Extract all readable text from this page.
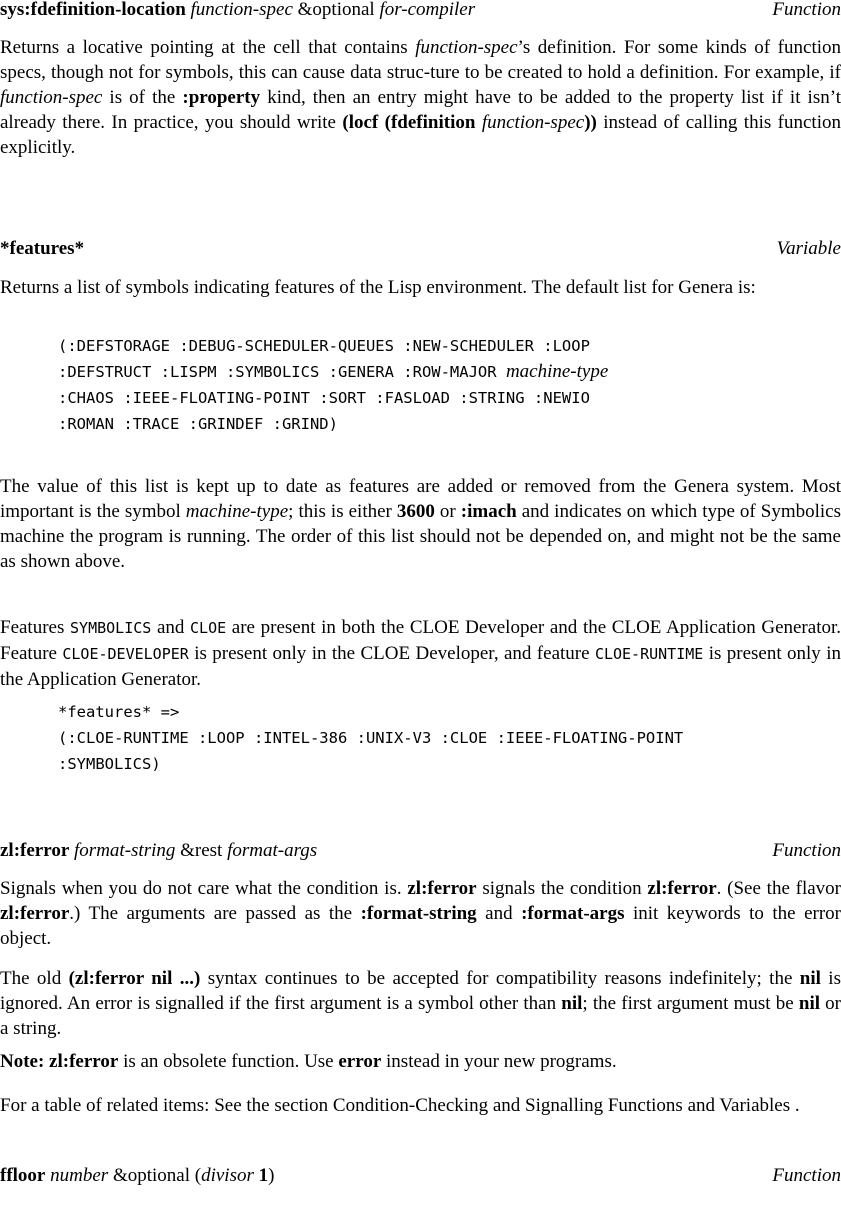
sys:fdefinition-location function-spec &optional for-compiler	Function

Returns a locative pointing at the cell that contains function-spec’s definition. For some kinds of function specs, though not for symbols, this can cause data struc-ture to be created to hold a definition. For example, if function-spec is of the :property kind, then an entry might have to be added to the property list if it isn’t already there. In practice, you should write (locf (fdefinition function-spec)) instead of calling this function explicitly.

*features*	Variable

Returns a list of symbols indicating features of the Lisp environment. The default list for Genera is:

(:DEFSTORAGE :DEBUG-SCHEDULER-QUEUES :NEW-SCHEDULER :LOOP
:DEFSTRUCT :LISPM :SYMBOLICS :GENERA :ROW-MAJOR machine-type
:CHAOS :IEEE-FLOATING-POINT :SORT :FASLOAD :STRING :NEWIO
:ROMAN :TRACE :GRINDEF :GRIND)

The value of this list is kept up to date as features are added or removed from the Genera system. Most important is the symbol machine-type; this is either 3600 or :imach and indicates on which type of Symbolics machine the program is running. The order of this list should not be depended on, and might not be the same as shown above.

Features SYMBOLICS and CLOE are present in both the CLOE Developer and the CLOE Application Generator. Feature CLOE-DEVELOPER is present only in the CLOE Developer, and feature CLOE-RUNTIME is present only in the Application Generator.

*features* =>
(:CLOE-RUNTIME :LOOP :INTEL-386 :UNIX-V3 :CLOE :IEEE-FLOATING-POINT
:SYMBOLICS)
zl:ferror format-string &rest format-args	Function

Signals when you do not care what the condition is. zl:ferror signals the condition zl:ferror. (See the flavor zl:ferror.) The arguments are passed as the :format-string and :format-args init keywords to the error object.

The old (zl:ferror nil ...) syntax continues to be accepted for compatibility reasons indefinitely; the nil is ignored. An error is signalled if the first argument is a symbol other than nil; the first argument must be nil or a string.

Note: zl:ferror is an obsolete function. Use error instead in your new programs.

For a table of related items: See the section Condition-Checking and Signalling Functions and Variables .

ffloor number &optional (divisor 1)	Function
